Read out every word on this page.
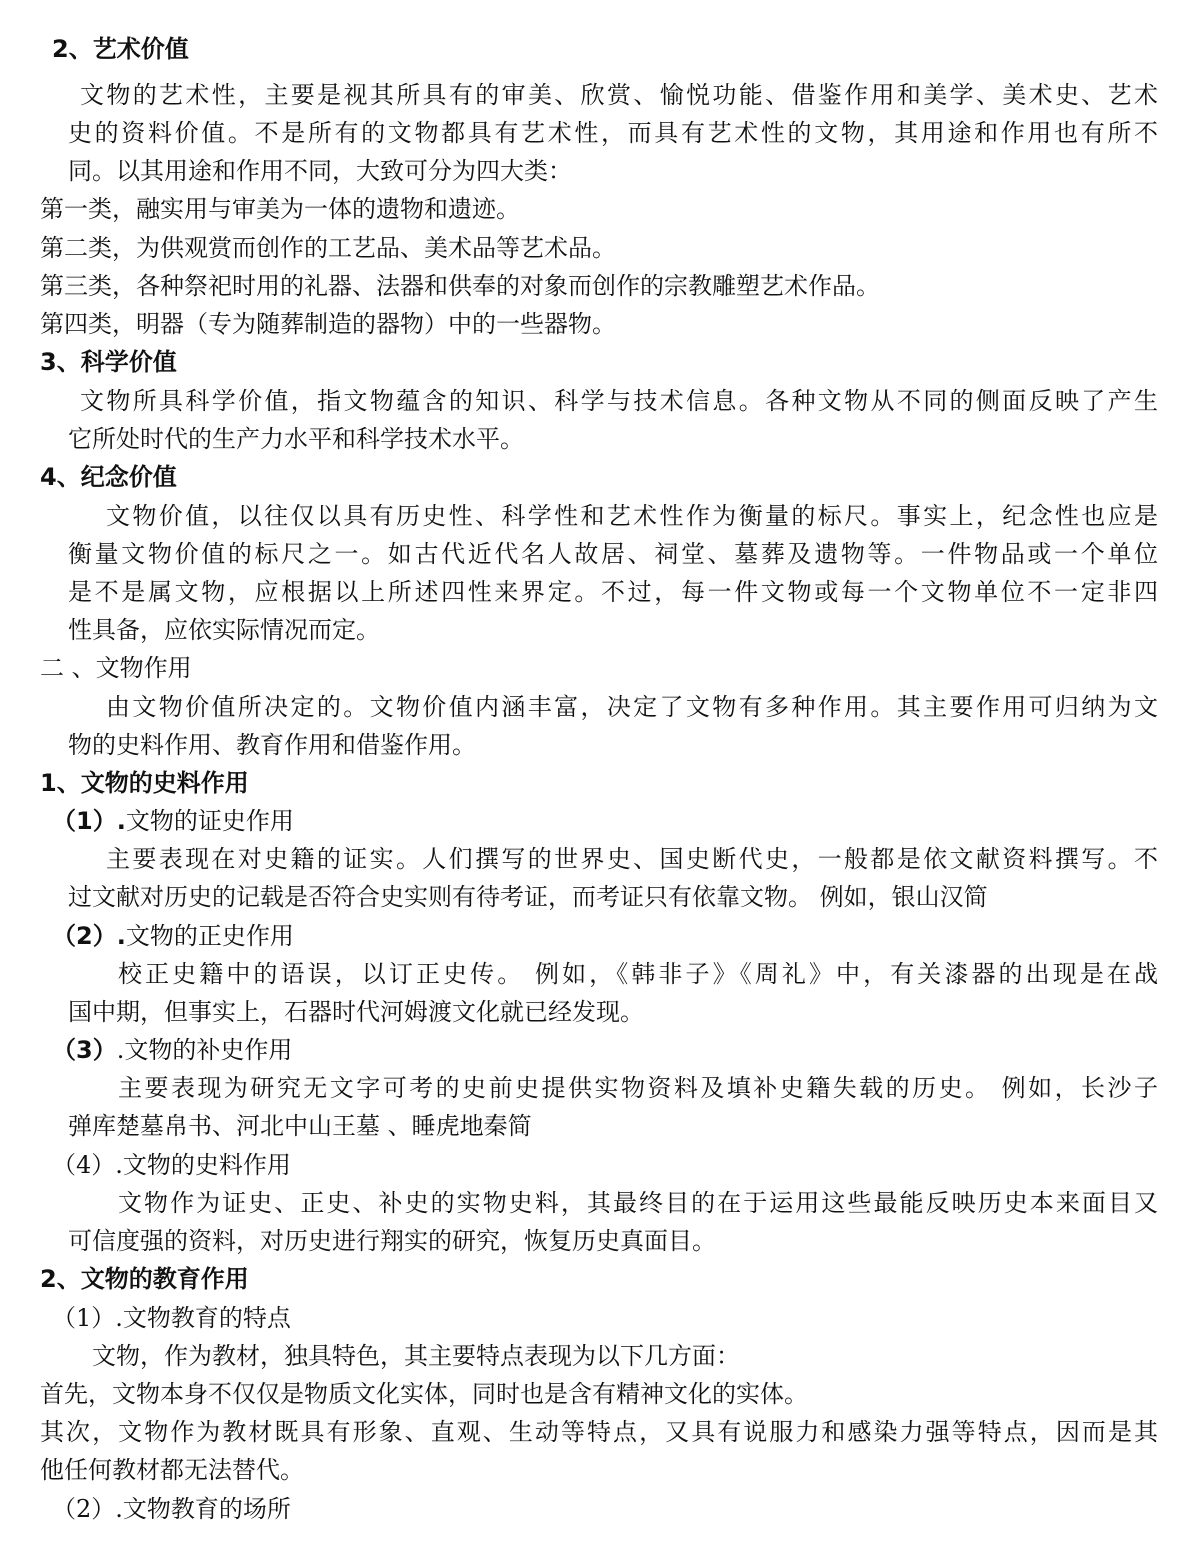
2、艺术价值
文物的艺术性，主要是视其所具有的审美、欣赏、愉悦功能、借鉴作用和美学、美术史、艺术
史的资料价值。不是所有的文物都具有艺术性，而具有艺术性的文物，其用途和作用也有所不
同。以其用途和作用不同，大致可分为四大类：
第一类，融实用与审美为一体的遗物和遗迹。
第二类，为供观赏而创作的工艺品、美术品等艺术品。
第三类，各种祭祀时用的礼器、法器和供奉的对象而创作的宗教雕塑艺术作品。
第四类，明器（专为随葬制造的器物）中的一些器物。
3、科学价值
文物所具科学价值，指文物蕴含的知识、科学与技术信息。各种文物从不同的侧面反映了产生
它所处时代的生产力水平和科学技术水平。
4、纪念价值
文物价值，以往仅以具有历史性、科学性和艺术性作为衡量的标尺。事实上，纪念性也应是
衡量文物价值的标尺之一。如古代近代名人故居、祠堂、墓葬及遗物等。一件物品或一个单位
是不是属文物，应根据以上所述四性来界定。不过，每一件文物或每一个文物单位不一定非四
性具备，应依实际情况而定。
二 、文物作用
由文物价值所决定的。文物价值内涵丰富，决定了文物有多种作用。其主要作用可归纳为文
物的史料作用、教育作用和借鉴作用。
1、文物的史料作用
（1）.文物的证史作用
主要表现在对史籍的证实。人们撰写的世界史、国史断代史，一般都是依文献资料撰写。不
过文献对历史的记载是否符合史实则有待考证，而考证只有依靠文物。 例如，银山汉简
（2）.文物的正史作用
校正史籍中的语误，以订正史传。 例如，《韩非子》《周礼》中，有关漆器的出现是在战
国中期，但事实上，石器时代河姆渡文化就已经发现。
（3）.文物的补史作用
主要表现为研究无文字可考的史前史提供实物资料及填补史籍失载的历史。 例如，长沙子
弹库楚墓帛书、河北中山王墓 、睡虎地秦简
（4）.文物的史料作用
文物作为证史、正史、补史的实物史料，其最终目的在于运用这些最能反映历史本来面目又
可信度强的资料，对历史进行翔实的研究，恢复历史真面目。
2、文物的教育作用
（1）.文物教育的特点
文物，作为教材，独具特色，其主要特点表现为以下几方面：
首先，文物本身不仅仅是物质文化实体，同时也是含有精神文化的实体。
其次，文物作为教材既具有形象、直观、生动等特点，又具有说服力和感染力强等特点，因而是其
他任何教材都无法替代。
（2）.文物教育的场所
